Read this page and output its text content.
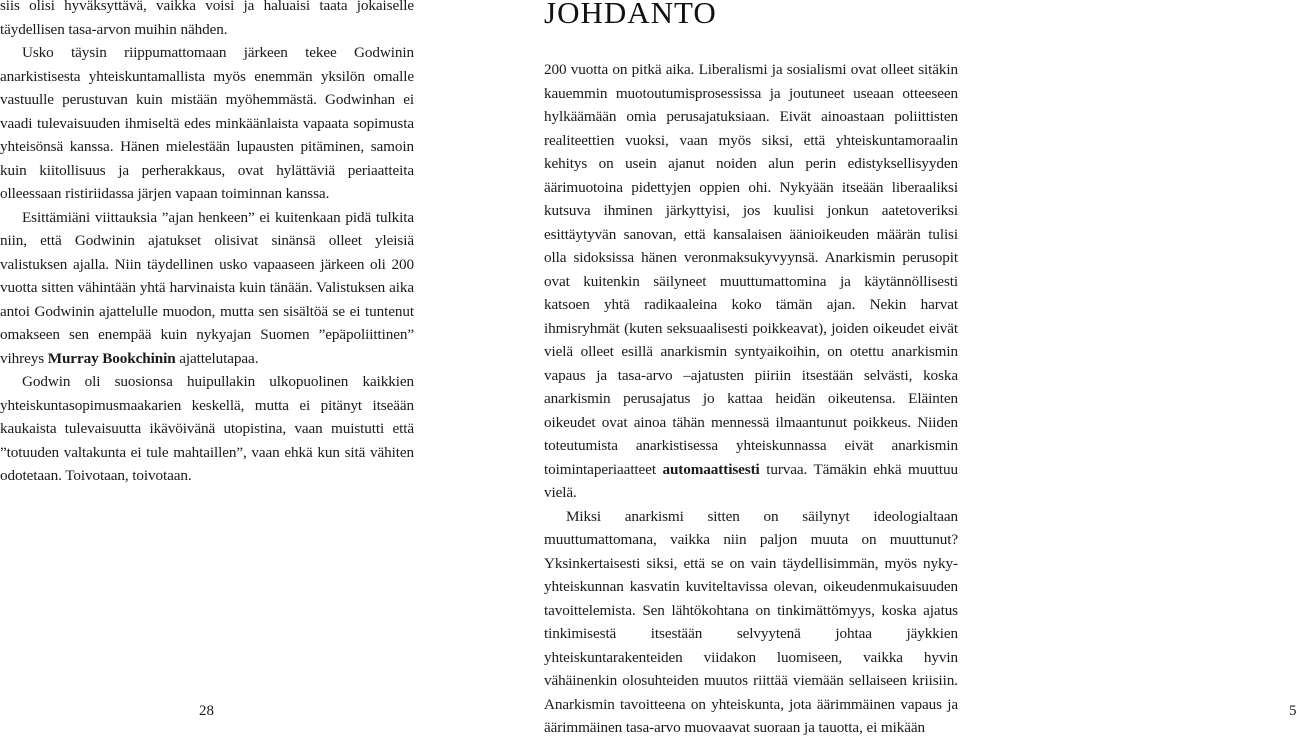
siis olisi hyväksyttävä, vaikka voisi ja haluaisi taata jokaiselle täydellisen tasa-arvon muihin nähden.

Usko täysin riippumattomaan järkeen tekee Godwinin anarkistisesta yhteiskuntamallista myös enemmän yksilön omalle vastuulle perustuvan kuin mistään myöhemmästä. Godwinhan ei vaadi tulevaisuuden ihmiseltä edes minkäänlaista vapaata sopimusta yhteisönsä kanssa. Hänen mielestään lupausten pitäminen, samoin kuin kiitollisuus ja perherakkaus, ovat hylättäviä periaatteita olleessaan ristiriidassa järjen vapaan toiminnan kanssa.

Esittämiäni viittauksia ”ajan henkeen” ei kuitenkaan pidä tulkita niin, että Godwinin ajatukset olisivat sinänsä olleet yleisiä valistuksen ajalla. Niin täydellinen usko vapaaseen järkeen oli 200 vuotta sitten vähintään yhtä harvinaista kuin tänään. Valistuksen aika antoi Godwinin ajattelulle muodon, mutta sen sisältöä se ei tuntenut omakseen sen enempää kuin nykyajan Suomen ”epäpoliittinen” vihreys Murray Bookchinin ajattelutapaa.

Godwin oli suosionsa huipullakin ulkopuolinen kaikkien yhteiskuntasopimusmaakarien keskellä, mutta ei pitänyt itseään kaukaista tulevaisuutta ikävöivänä utopistina, vaan muistutti että ”totuuden valtakunta ei tule mahtaillen”, vaan ehkä kun sitä vähiten odotetaan. Toivotaan, toivotaan.

28
JOHDANTO

200 vuotta on pitkä aika. Liberalismi ja sosialismi ovat olleet sitäkin kauemmin muotoutumisprosessissa ja joutuneet useaan otteeseen hylkäämään omia perusajatuksiaan. Eivät ainoastaan poliittisten realiteettien vuoksi, vaan myös siksi, että yhteiskuntamoraalin kehitys on usein ajanut noiden alun perin edistyksellisyyden äärimuotoina pidettyjen oppien ohi. Nykyään itseään liberaaliksi kutsuva ihminen järkyttyisi, jos kuulisi jonkun aatetoveriksi esittäytyvän sanovan, että kansalaisen äänioikeuden määrän tulisi olla sidoksissa hänen veronmaksukyvyynsä. Anarkismin perusopit ovat kuitenkin säilyneet muuttumattomina ja käytännöllisesti katsoen yhtä radikaaleina koko tämän ajan. Nekin harvat ihmisryhmät (kuten seksuaalisesti poikkeavat), joiden oikeudet eivät vielä olleet esillä anarkismin syntyaikoihin, on otettu anarkismin vapaus ja tasa-arvo –ajatusten piiriin itsestään selvästi, koska anarkismin perusajatus jo kattaa heidän oikeutensa. Eläinten oikeudet ovat ainoa tähän mennessä ilmaantunut poikkeus. Niiden toteutumista anarkistisessa yhteiskunnassa eivät anarkismin toimintaperiaatteet automaattisesti turvaa. Tämäkin ehkä muuttuu vielä.

Miksi anarkismi sitten on säilynyt ideologialtaan muuttumattomana, vaikka niin paljon muuta on muuttunut? Yksinkertaisesti siksi, että se on vain täydellisimmän, myös nyky-yhteiskunnan kasvatin kuviteltavissa olevan, oikeudenmukaisuuden tavoittelemista. Sen lähtökohtana on tinkimättömyys, koska ajatus tinkimisestä itsestään selvyytenä johtaa jäykkien yhteiskuntarakenteiden viidakon luomiseen, vaikka hyvin vähäinenkin olosuhteiden muutos riittää viemään sellaiseen kriisiin. Anarkismin tavoitteena on yhteiskunta, jota äärimmäinen vapaus ja äärimmäinen tasa-arvo muovaavat suoraan ja tauotta, ei mikään

5
